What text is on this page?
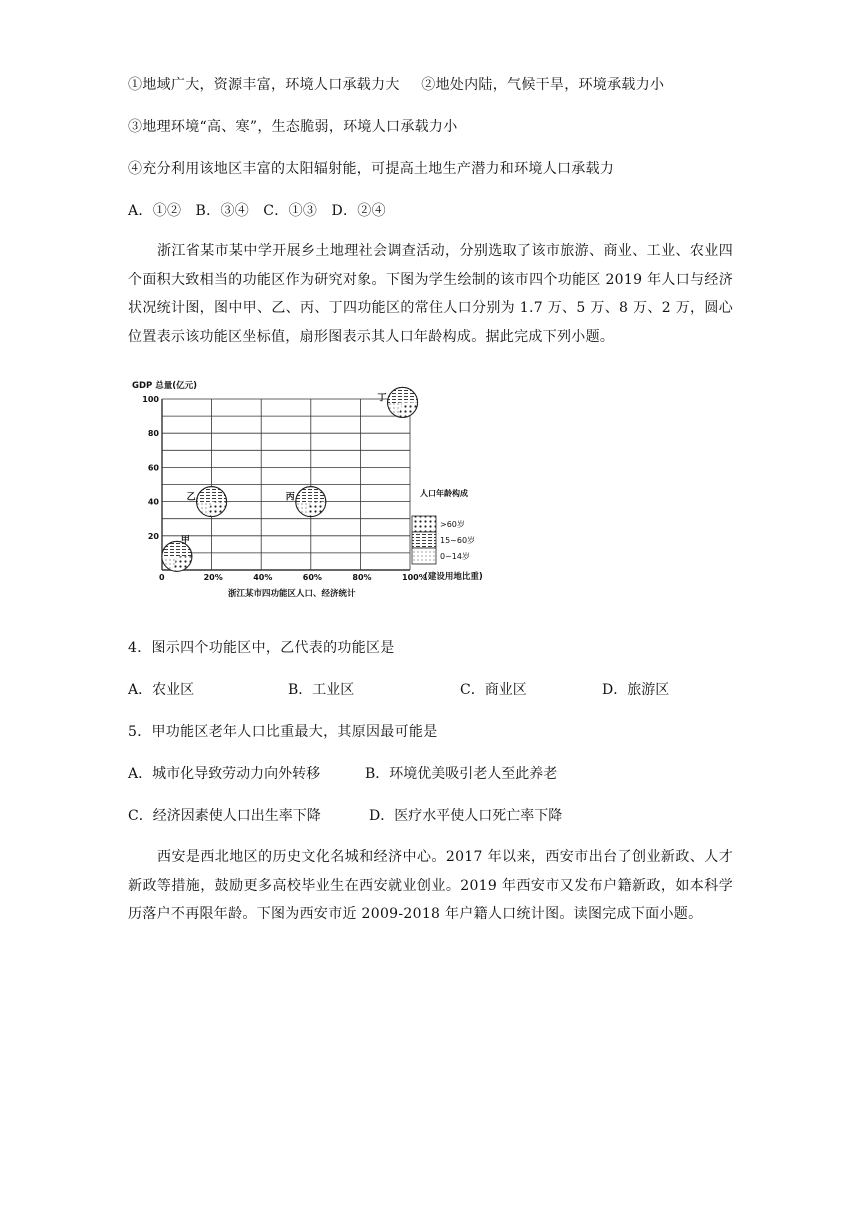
①地域广大，资源丰富，环境人口承载力大 ②地处内陆，气候干旱，环境承载力小
③地理环境“高、寒”，生态脆弱，环境人口承载力小
④充分利用该地区丰富的太阳辐射能，可提高土地生产潜力和环境人口承载力
A．①②   B．③④   C．①③   D．②④
浙江省某市某中学开展乡土地理社会调查活动，分别选取了该市旅游、商业、工业、农业四个面积大致相当的功能区作为研究对象。下图为学生绘制的该市四个功能区 2019 年人口与经济状况统计图，图中甲、乙、丙、丁四功能区的常住人口分别为 1.7 万、5 万、8 万、2 万，圆心位置表示该功能区坐标值，扇形图表示其人口年龄构成。据此完成下列小题。
0	20%	40%	60%	80%	100%
20
40
60
80
100
甲
乙	丙
丁
GDP 总量(亿元)
(建设用地比重)
浙江某市四功能区人口、经济统计
人口年龄构成
>60岁
15~60岁
0~14岁
4．图示四个功能区中，乙代表的功能区是
A．农业区	B．工业区	C．商业区	D．旅游区
5．甲功能区老年人口比重最大，其原因最可能是
A．城市化导致劳动力向外转移	B．环境优美吸引老人至此养老
C．经济因素使人口出生率下降	D．医疗水平使人口死亡率下降
西安是西北地区的历史文化名城和经济中心。2017 年以来，西安市出台了创业新政、人才新政等措施，鼓励更多高校毕业生在西安就业创业。2019 年西安市又发布户籍新政，如本科学历落户不再限年龄。下图为西安市近 2009-2018 年户籍人口统计图。读图完成下面小题。
